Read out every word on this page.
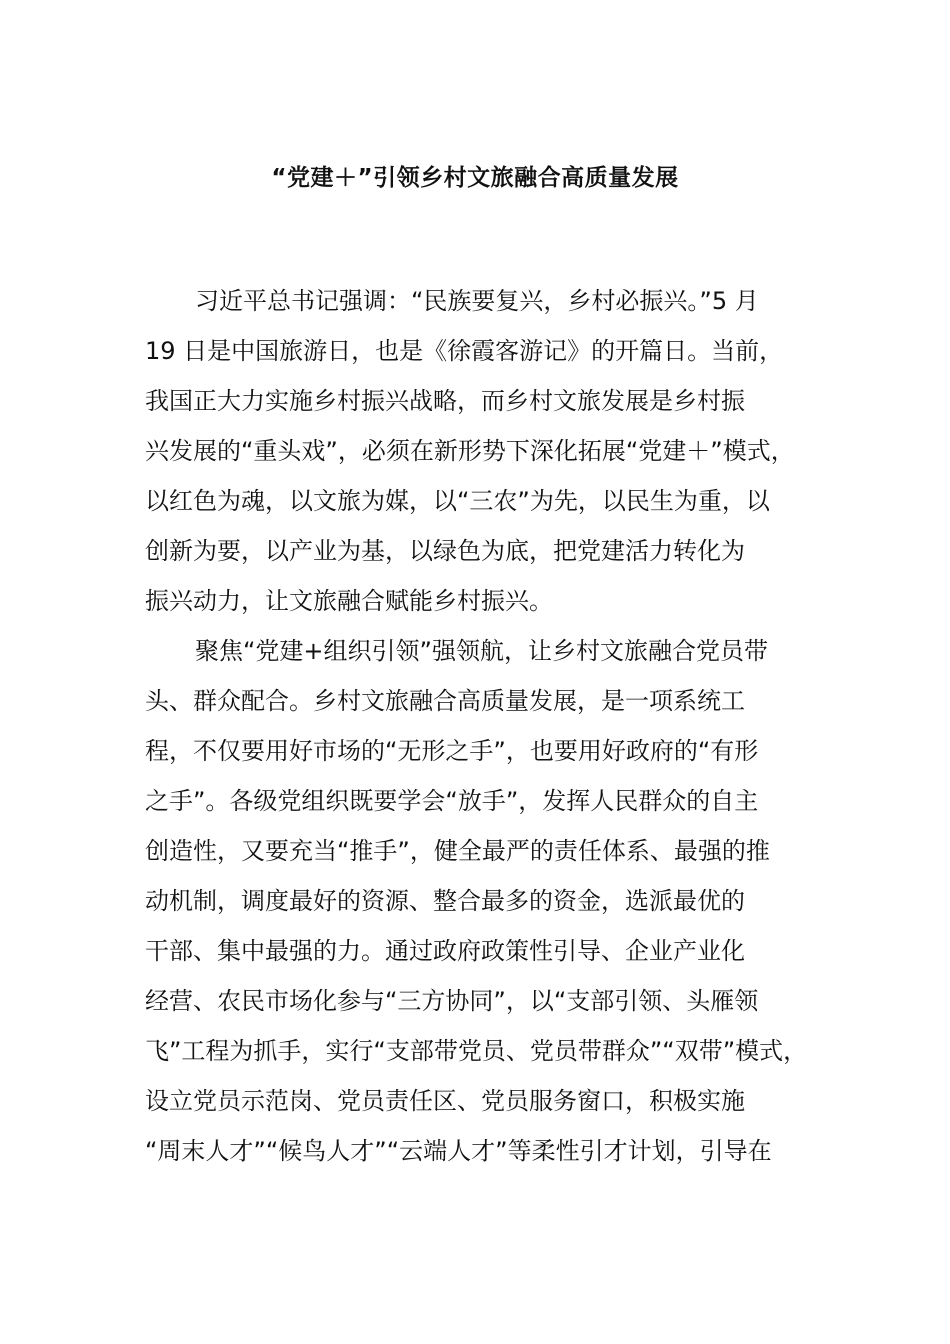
“党建＋”引领乡村文旅融合高质量发展
习近平总书记强调：“民族要复兴，乡村必振兴。”5 月
19 日是中国旅游日，也是《徐霞客游记》的开篇日。当前，
我国正大力实施乡村振兴战略，而乡村文旅发展是乡村振
兴发展的“重头戏”，必须在新形势下深化拓展“党建＋”模式，
以红色为魂，以文旅为媒，以“三农”为先，以民生为重，以
创新为要，以产业为基，以绿色为底，把党建活力转化为
振兴动力，让文旅融合赋能乡村振兴。
聚焦“党建+组织引领”强领航，让乡村文旅融合党员带
头、群众配合。乡村文旅融合高质量发展，是一项系统工
程，不仅要用好市场的“无形之手”，也要用好政府的“有形
之手”。各级党组织既要学会“放手”，发挥人民群众的自主
创造性，又要充当“推手”，健全最严的责任体系、最强的推
动机制，调度最好的资源、整合最多的资金，选派最优的
干部、集中最强的力。通过政府政策性引导、企业产业化
经营、农民市场化参与“三方协同”，以“支部引领、头雁领
飞”工程为抓手，实行“支部带党员、党员带群众”“双带”模式，
设立党员示范岗、党员责任区、党员服务窗口，积极实施
“周末人才”“候鸟人才”“云端人才”等柔性引才计划，引导在
